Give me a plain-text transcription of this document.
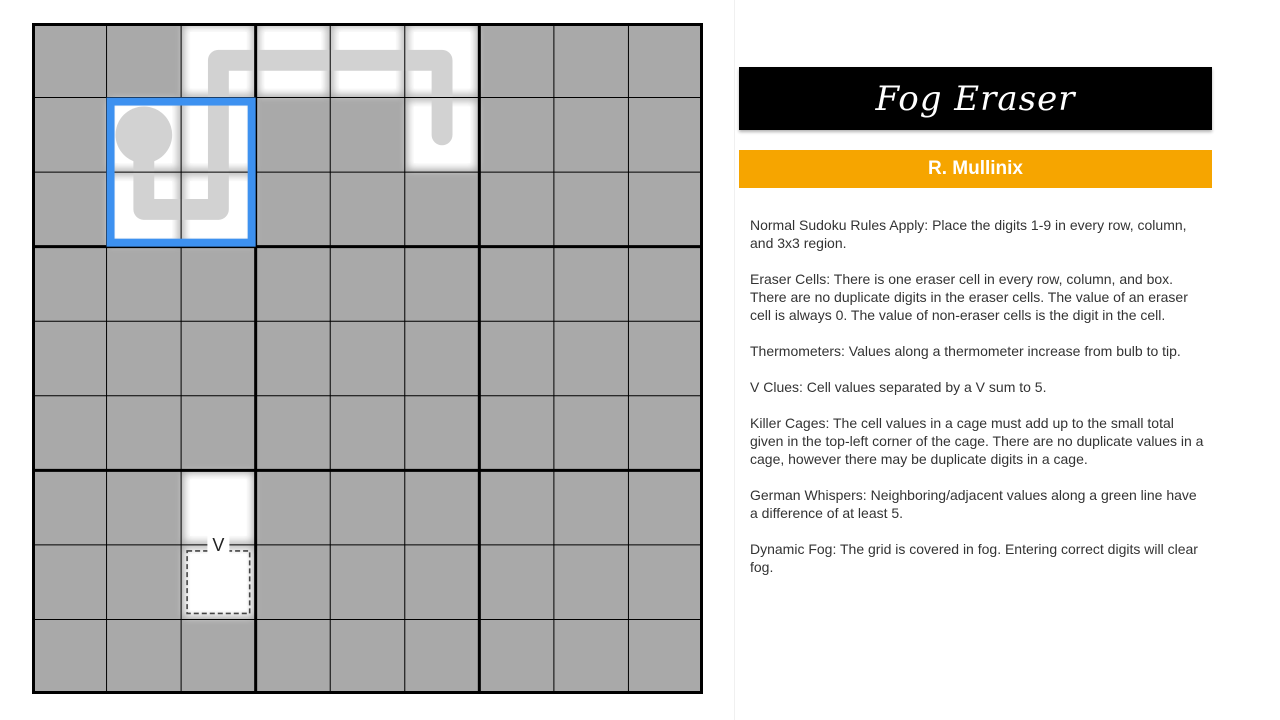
Fog Eraser
R. Mullinix

Normal Sudoku Rules Apply: Place the digits 1-9 in every row, column, and 3x3 region.

Eraser Cells: There is one eraser cell in every row, column, and box. There are no duplicate digits in the eraser cells. The value of an eraser cell is always 0. The value of non-eraser cells is the digit in the cell.

Thermometers: Values along a thermometer increase from bulb to tip.

V Clues: Cell values separated by a V sum to 5.

Killer Cages: The cell values in a cage must add up to the small total given in the top-left corner of the cage. There are no duplicate values in a cage, however there may be duplicate digits in a cage.

German Whispers: Neighboring/adjacent values along a green line have a difference of at least 5.

Dynamic Fog: The grid is covered in fog. Entering correct digits will clear fog.
